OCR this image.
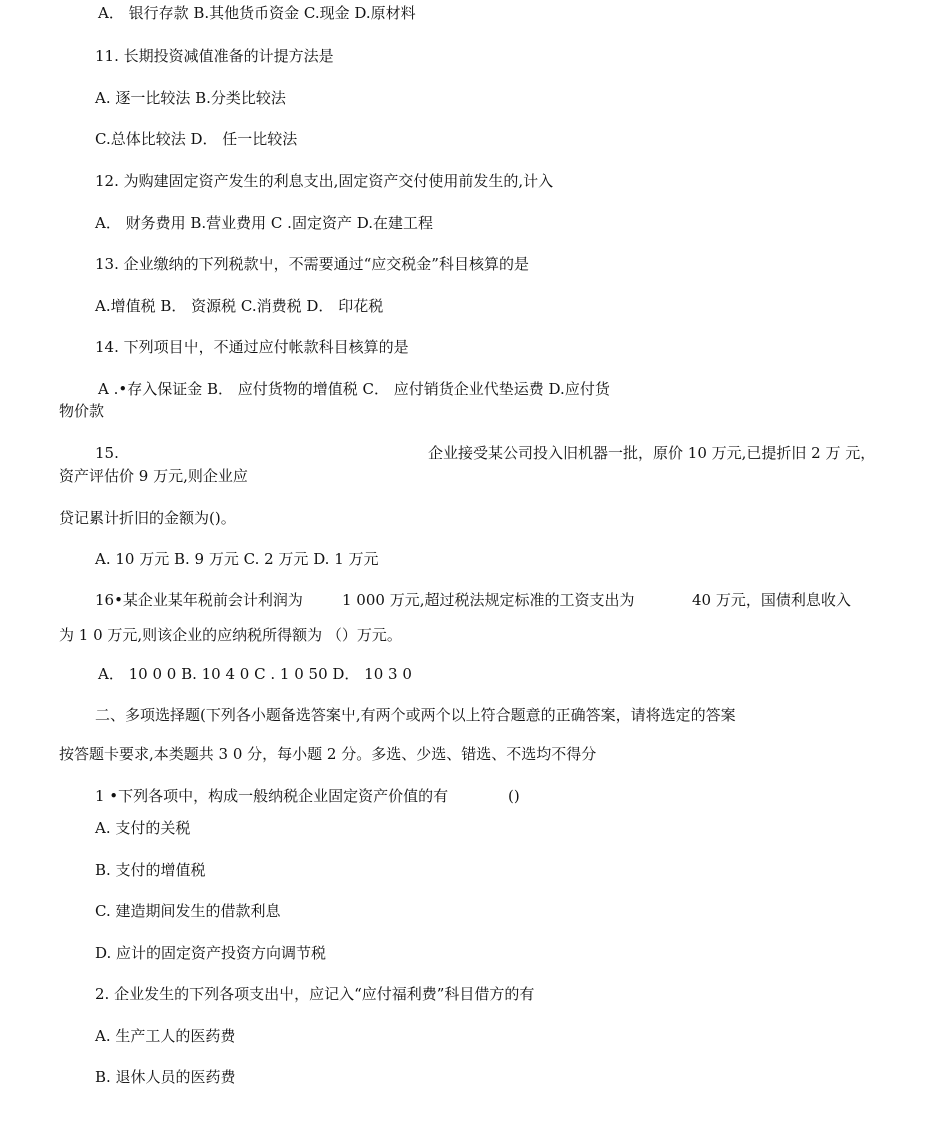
A． 银行存款 B.其他货币资金 C.现金 D.原材料
11. 长期投资减值准备的计提方法是
A. 逐一比较法 B.分类比较法
C.总体比较法 D． 任一比较法
12. 为购建固定资产发生的利息支出,固定资产交付使用前发生的,计入
A． 财务费用 B.营业费用 C .固定资产 D.在建工程
13. 企业缴纳的下列税款屮，不需要通过“应交税金”科目核算的是
A.增值税 B． 资源税 C.消费税 D． 印花税
14. 下列项目屮，不通过应付帐款科目核算的是
A .•存入保证金 B． 应付货物的增值税 C． 应付销货企业代垫运费 D.应付货
物价款
15.	企业接受某公司投入旧机器一批，原价 10 万元,已提折旧 2 万 元，
资产评估价 9 万元,则企业应
贷记累计折旧的金额为()。
A. 10 万元 B. 9 万元 C. 2 万元 D. 1 万元
16•某企业某年税前会计利润为	1 000 万元,超过税法规定标准的工资支出为	40 万元，国债利息收入
为 1 0 万元,则该企业的应纳税所得额为 （）万元。
A． 10 0 0 B. 10 4 0 C . 1 0 50 D． 10 3 0
二、多项选择题(下列各小题备选答案屮,有两个或两个以上符合题意的正确答案，请将选定的答案
按答题卡要求,本类题共 3 0 分，每小题 2 分。多选、少选、错选、不选均不得分
1 •下列各项中，构成一般纳税企业固定资产价值的有	()
A. 支付的关税
B. 支付的增值税
C. 建造期间发生的借款利息
D. 应计的固定资产投资方向调节税
2. 企业发生的下列各项支出屮，应记入“应付福利费”科目借方的有
A. 生产工人的医药费
B. 退休人员的医药费
